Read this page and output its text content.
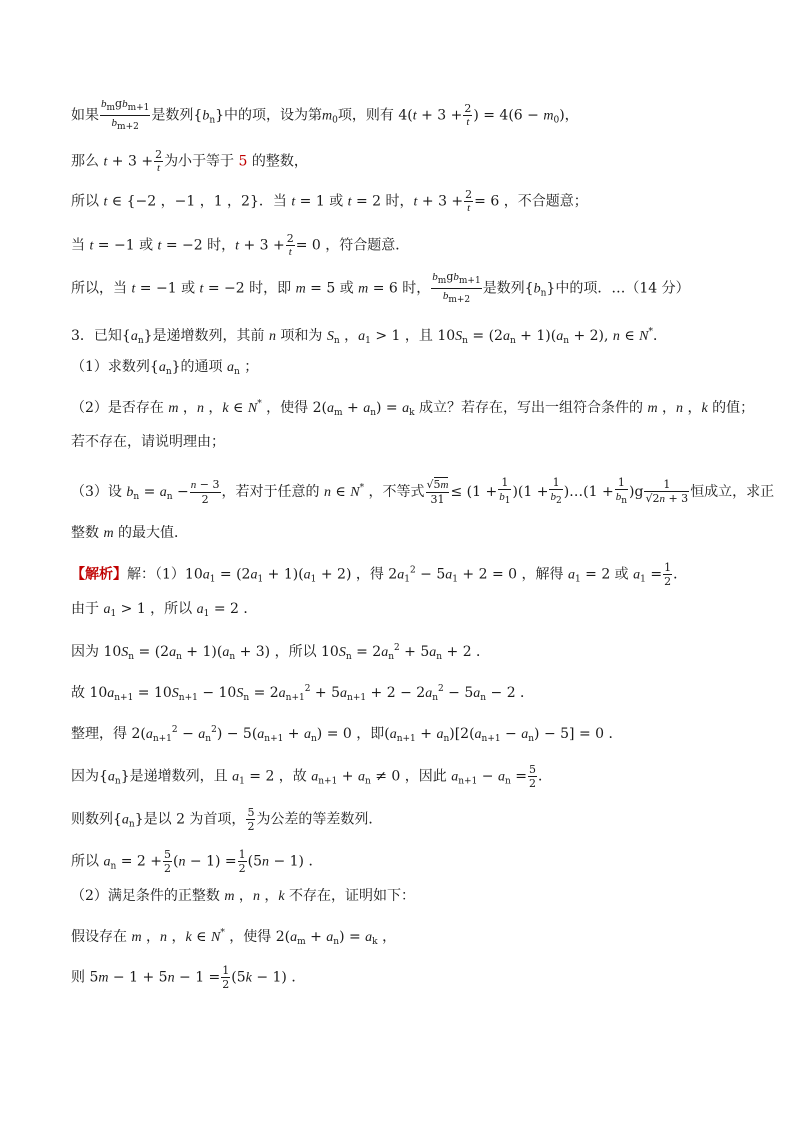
如果 $\frac{b_mgb_{m+1}}{b_{m+2}}$ 是数列$\{b_n\}$中的项，设为第$m_0$项，则有 $4(t + 3 + \frac{2}{t}$ ) = $4(6 - m_0)$，
那么 $t + 3 + \frac{2}{t}$ 为小于等于 5 的整数，
所以 t ∈ {−2 ，−1 ，1 ，2}．当 t = 1 或 t = 2 时，$t + 3 + \frac{2}{t} = 6$ ，不合题意；
当 t = −1 或 t = −2 时，$t + 3 + \frac{2}{t} = 0$ ，符合题意．
所以，当 t = −1 或 t = −2 时，即 m = 5 或 m = 6 时， $\frac{b_mgb_{m+1}}{b_{m+2}}$ 是数列$\{b_n\}$中的项．…（14 分）
3．已知$\{a_n\}$是递增数列，其前 n 项和为 $S_n$ ，$a_1 > 1$ ，且 $10S_n = (2a_n + 1)(a_n + 2)$, n ∈ N*．
（1）求数列$\{a_n\}$的通项 $a_n$ ；
（2）是否存在 m ，n ，k ∈ N* ，使得 $2(a_m + a_n) = a_k$ 成立？若存在，写出一组符合条件的 m ，n ，k 的值；
若不存在，请说明理由；
（3）设 $b_n = a_n - \frac{n - 3}{2}$ ，若对于任意的 n ∈ N* ，不等式 $\frac{√5m}{31} \le (1 + \frac{1}{b_1} )(1 + \frac{1}{b_2}$ )…(1 + $\frac{1}{b_n} )g \frac{1}{√2n + 3}$ 恒成立，求正
整数 m 的最大值．
【解析】解：$(1)10a_1 = (2a_1 + 1)(a_1 + 2)$ ，得 $2a_1^2 - 5a_1 + 2 = 0$ ，解得 $a_1 = 2$ 或 $a_1 = \frac{1}{2}$ ．
由于 $a_1 > 1$ ，所以 $a_1 = 2$ ．
因为 $10S_n = (2a_n + 1)(a_n + 3)$ ，所以 $10S_n = 2a_n^2 + 5a_n + 2$ ．
故 $10a_{n+1} = 10S_{n+1} - 10S_n = 2a_{n+1}^2 + 5a_{n+1} + 2 - 2a_n^2 - 5a_n - 2$ ．
整理，得 $2(a_{n+1}^2 - a_n^2) - 5(a_{n+1} + a_n) = 0$ ，即$(a_{n+1} + a_n)[2(a_{n+1} - a_n) - 5] = 0$ ．
因为$\{a_n\}$是递增数列，且 $a_1 = 2$ ，故 $a_{n+1} + a_n \ne 0$ ，因此 $a_{n+1} - a_n = \frac{5}{2}$ ．
则数列$\{a_n\}$是以 2 为首项， $\frac{5}{2}$ 为公差的等差数列．
所以 $a_n = 2 + \frac{5}{2} (n - 1) = \frac{1}{2} (5n - 1)$ ．
（2）满足条件的正整数 m ，n ，k 不存在，证明如下：
假设存在 m ，n ，k ∈ N* ，使得 $2(a_m + a_n) = a_k$ ，
则 $5m - 1 + 5n - 1 = \frac{1}{2} (5k - 1)$ ．
